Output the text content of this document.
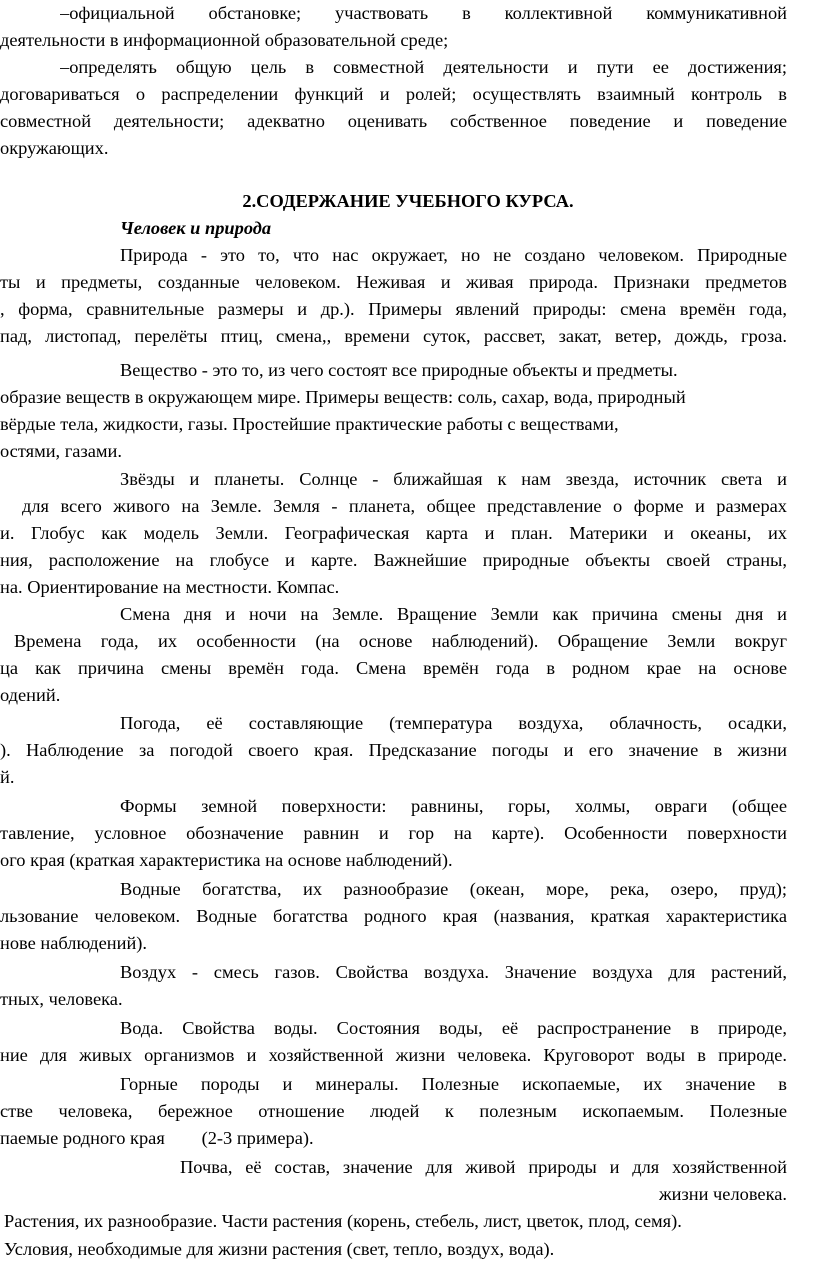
–официальной обстановке; участвовать в коллективной коммуникативной
деятельности в информационной образовательной среде;
–определять общую цель в совместной деятельности и пути ее достижения;
договариваться о распределении функций и ролей; осуществлять взаимный контроль в
совместной деятельности; адекватно оценивать собственное поведение и поведение
окружающих.
2.СОДЕРЖАНИЕ УЧЕБНОГО КУРСА.
Человек и природа
Природа - это то, что нас окружает, но не создано человеком. Природные
ты и предметы, созданные человеком. Неживая и живая природа. Признаки предметов
, форма, сравнительные размеры и др.). Примеры явлений природы: смена времён года,
пад, листопад, перелёты птиц, смена,, времени суток, рассвет, закат, ветер, дождь, гроза.
Вещество - это то, из чего состоят все природные объекты и предметы.
образие веществ в окружающем мире. Примеры веществ: соль, сахар, вода, природный
вёрдые тела, жидкости, газы. Простейшие практические работы с веществами,
остями, газами.
Звёзды и планеты. Солнце - ближайшая к нам звезда, источник света и
для всего живого на Земле. Земля - планета, общее представление о форме и размерах
и. Глобус как модель Земли. Географическая карта и план. Материки и океаны, их
ния, расположение на глобусе и карте. Важнейшие природные объекты своей страны,
на. Ориентирование на местности. Компас.
Смена дня и ночи на Земле. Вращение Земли как причина смены дня и
Времена года, их особенности (на основе наблюдений). Обращение Земли вокруг
ца как причина смены времён года. Смена времён года в родном крае на основе
одений.
Погода, её составляющие (температура воздуха, облачность, осадки,
). Наблюдение за погодой своего края. Предсказание погоды и его значение в жизни
й.
Формы земной поверхности: равнины, горы, холмы, овраги (общее
тавление, условное обозначение равнин и гор на карте). Особенности поверхности
ого края (краткая характеристика на основе наблюдений).
Водные богатства, их разнообразие (океан, море, река, озеро, пруд);
льзование человеком. Водные богатства родного края (названия, краткая характеристика
нове наблюдений).
Воздух - смесь газов. Свойства воздуха. Значение воздуха для растений,
тных, человека.
Вода. Свойства воды. Состояния воды, её распространение в природе,
ние для живых организмов и хозяйственной жизни человека. Круговорот воды в природе.
Горные породы и минералы. Полезные ископаемые, их значение в
стве человека, бережное отношение людей к полезным ископаемым. Полезные
паемые родного края        (2-3 примера).
Почва, её состав, значение для живой природы и для хозяйственной
жизни человека.
Растения, их разнообразие. Части растения (корень, стебель, лист, цветок, плод, семя).
Условия, необходимые для жизни растения (свет, тепло, воздух, вода).
